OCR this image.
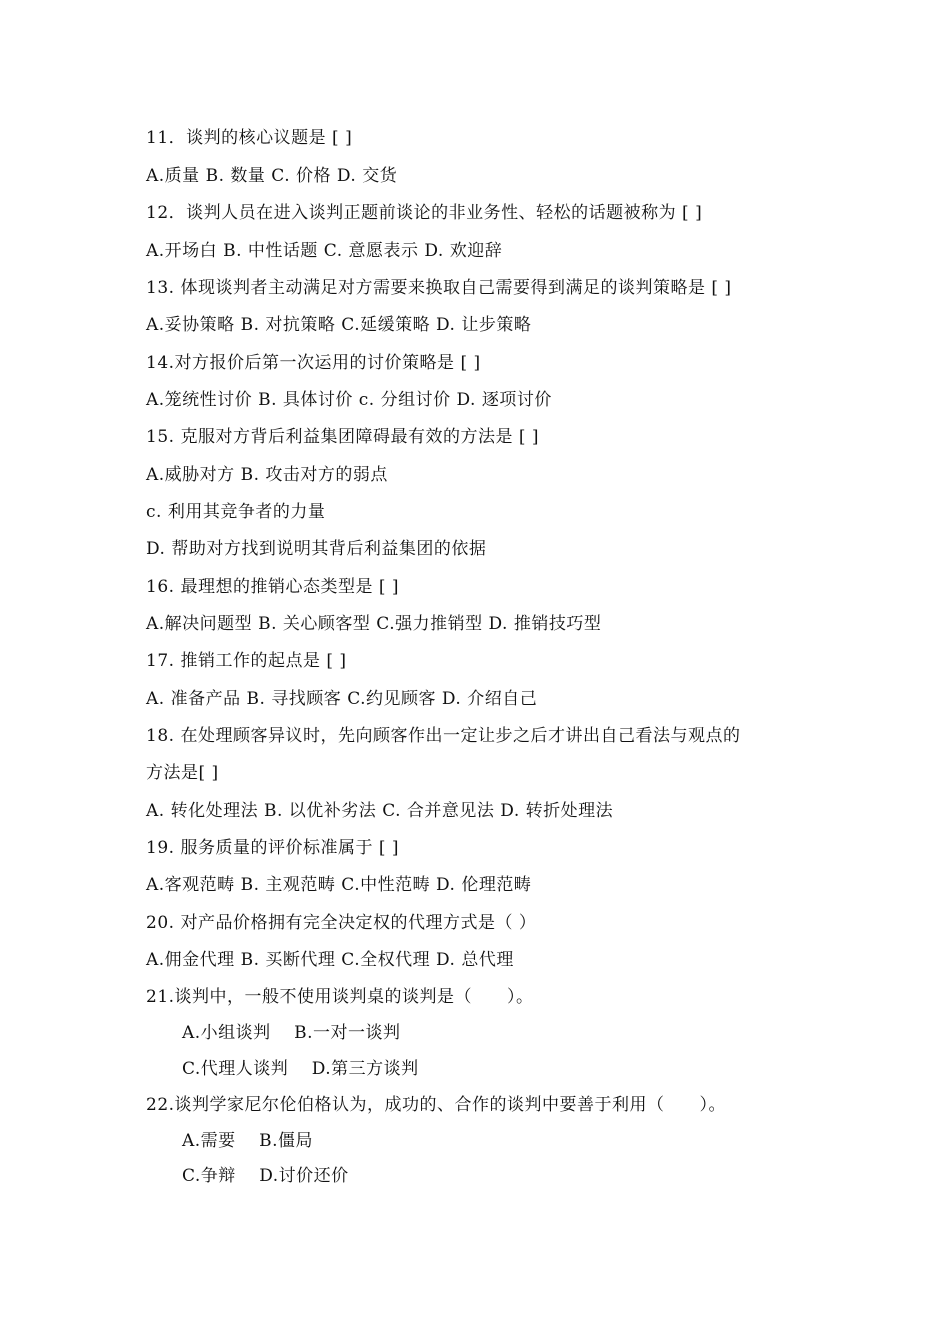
11．谈判的核心议题是 [ ]
A.质量 B. 数量 C. 价格 D. 交货
12．谈判人员在进入谈判正题前谈论的非业务性、轻松的话题被称为 [ ]
A.开场白 B. 中性话题 C. 意愿表示 D. 欢迎辞
13. 体现谈判者主动满足对方需要来换取自己需要得到满足的谈判策略是 [ ]
A.妥协策略 B. 对抗策略 C.延缓策略 D. 让步策略
14.对方报价后第一次运用的讨价策略是 [ ]
A.笼统性讨价 B. 具体讨价 c. 分组讨价 D. 逐项讨价
15. 克服对方背后利益集团障碍最有效的方法是 [ ]
A.威胁对方 B. 攻击对方的弱点
c. 利用其竞争者的力量
D. 帮助对方找到说明其背后利益集团的依据
16. 最理想的推销心态类型是 [ ]
A.解决问题型 B. 关心顾客型 C.强力推销型 D. 推销技巧型
17. 推销工作的起点是 [ ]
A. 准备产品 B. 寻找顾客 C.约见顾客 D. 介绍自己
18. 在处理顾客异议时，先向顾客作出一定让步之后才讲出自己看法与观点的
方法是[ ]
A. 转化处理法 B. 以优补劣法 C. 合并意见法 D. 转折处理法
19. 服务质量的评价标准属于 [ ]
A.客观范畴 B. 主观范畴 C.中性范畴 D. 伦理范畴
20. 对产品价格拥有完全决定权的代理方式是（ ）
A.佣金代理 B. 买断代理 C.全权代理 D. 总代理
21.谈判中，一般不使用谈判桌的谈判是（　　）。
A.小组谈判　 B.一对一谈判
C.代理人谈判　 D.第三方谈判
22.谈判学家尼尔伦伯格认为，成功的、合作的谈判中要善于利用（　　）。
A.需要　 B.僵局
C.争辩　 D.讨价还价
